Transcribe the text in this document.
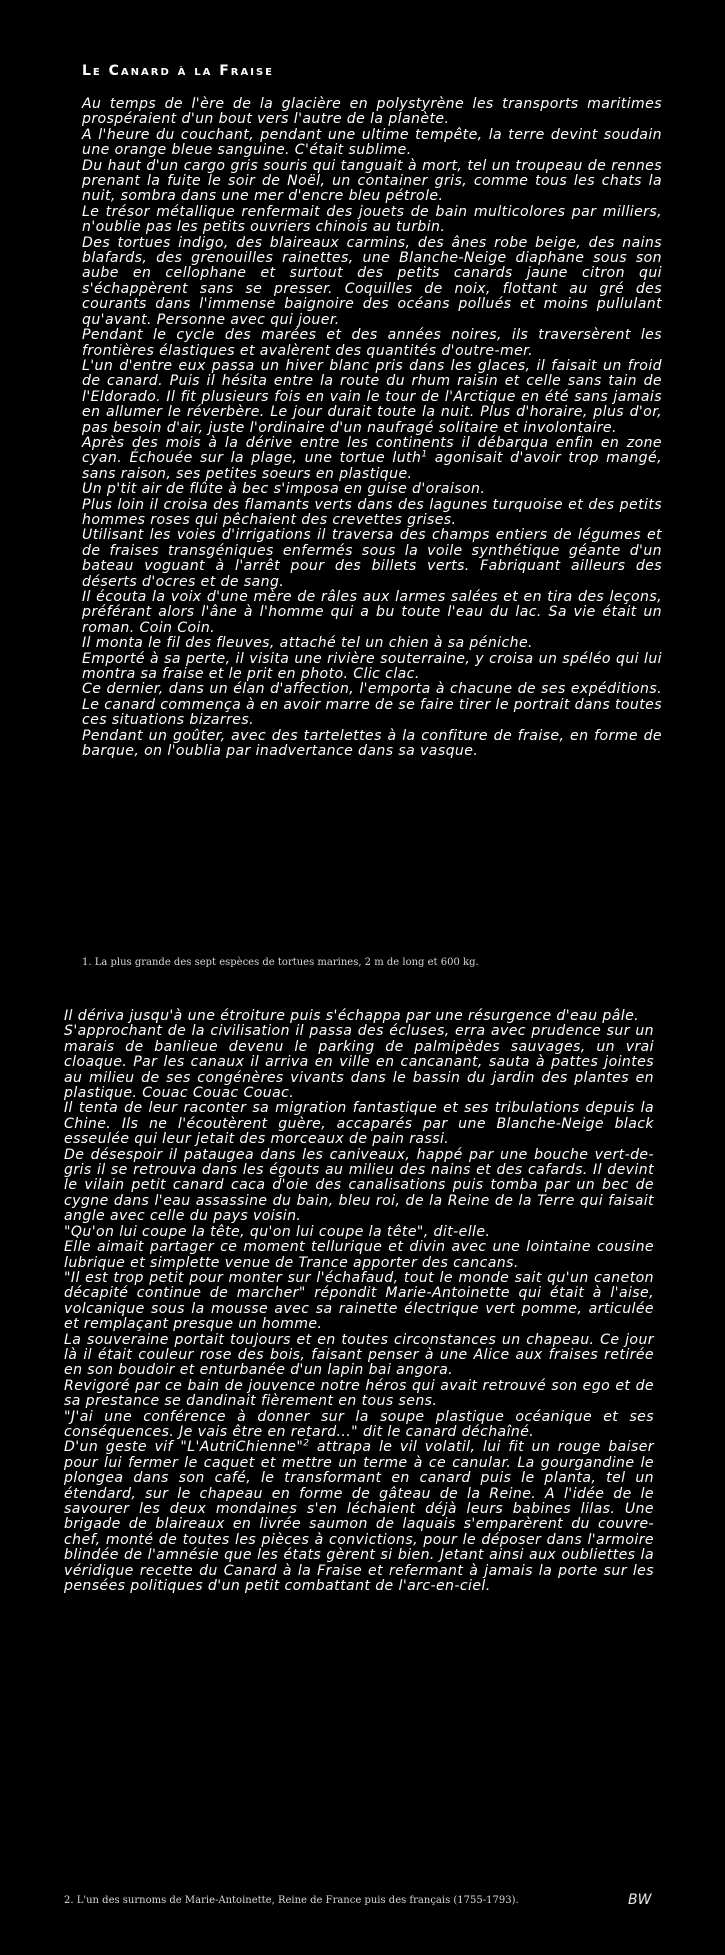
Le Canard à la Fraise

Au temps de l'ère de la glacière en polystyrène les transports maritimes prospéraient d'un bout vers l'autre de la planète.

A l'heure du couchant, pendant une ultime tempête, la terre devint soudain une orange bleue sanguine. C'était sublime.

Du haut d'un cargo gris souris qui tanguait à mort, tel un troupeau de rennes prenant la fuite le soir de Noël, un container gris, comme tous les chats la nuit, sombra dans une mer d'encre bleu pétrole.

Le trésor métallique renfermait des jouets de bain multicolores par milliers, n'oublie pas les petits ouvriers chinois au turbin.

Des tortues indigo, des blaireaux carmins, des ânes robe beige, des nains blafards, des grenouilles rainettes, une Blanche-Neige diaphane sous son aube en cellophane et surtout des petits canards jaune citron qui s'échappèrent sans se presser. Coquilles de noix, flottant au gré des courants dans l'immense baignoire des océans pollués et moins pullulant qu'avant. Personne avec qui jouer.

Pendant le cycle des marées et des années noires, ils traversèrent les frontières élastiques et avalèrent des quantités d'outre-mer.

L'un d'entre eux passa un hiver blanc pris dans les glaces, il faisait un froid de canard. Puis il hésita entre la route du rhum raisin et celle sans tain de l'Eldorado. Il fit plusieurs fois en vain le tour de l'Arctique en été sans jamais en allumer le réverbère. Le jour durait toute la nuit. Plus d'horaire, plus d'or, pas besoin d'air, juste l'ordinaire d'un naufragé solitaire et involontaire.

Après des mois à la dérive entre les continents il débarqua enfin en zone cyan. Échouée sur la plage, une tortue luth$^1$ agonisait d'avoir trop mangé, sans raison, ses petites soeurs en plastique.

Un p'tit air de flûte à bec s'imposa en guise d'oraison.

Plus loin il croisa des flamants verts dans des lagunes turquoise et des petits hommes roses qui pêchaient des crevettes grises.

Utilisant les voies d'irrigations il traversa des champs entiers de légumes et de fraises transgéniques enfermés sous la voile synthétique géante d'un bateau voguant à l'arrêt pour des billets verts. Fabriquant ailleurs des déserts d'ocres et de sang.

Il écouta la voix d'une mère de râles aux larmes salées et en tira des leçons, préférant alors l'âne à l'homme qui a bu toute l'eau du lac. Sa vie était un roman. Coin Coin.

Il monta le fil des fleuves, attaché tel un chien à sa péniche.

Emporté à sa perte, il visita une rivière souterraine, y croisa un spéléo qui lui montra sa fraise et le prit en photo. Clic clac.

Ce dernier, dans un élan d'affection, l'emporta à chacune de ses expéditions. Le canard commença à en avoir marre de se faire tirer le portrait dans toutes ces situations bizarres.

Pendant un goûter, avec des tartelettes à la confiture de fraise, en forme de barque, on l'oublia par inadvertance dans sa vasque.

1. La plus grande des sept espèces de tortues marines, 2 m de long et 600 kg.

Il dériva jusqu'à une étroiture puis s'échappa par une résurgence d'eau pâle.

S'approchant de la civilisation il passa des écluses, erra avec prudence sur un marais de banlieue devenu le parking de palmipèdes sauvages, un vrai cloaque. Par les canaux il arriva en ville en cancanant, sauta à pattes jointes au milieu de ses congénères vivants dans le bassin du jardin des plantes en plastique. Couac Couac Couac.

Il tenta de leur raconter sa migration fantastique et ses tribulations depuis la Chine. Ils ne l'écoutèrent guère, accaparés par une Blanche-Neige black esseulée qui leur jetait des morceaux de pain rassi.

De désespoir il pataugea dans les caniveaux, happé par une bouche vert-de-gris il se retrouva dans les égouts au milieu des nains et des cafards. Il devint le vilain petit canard caca d'oie des canalisations puis tomba par un bec de cygne dans l'eau assassine du bain, bleu roi, de la Reine de la Terre qui faisait angle avec celle du pays voisin.

"Qu'on lui coupe la tête, qu'on lui coupe la tête", dit-elle.

Elle aimait partager ce moment tellurique et divin avec une lointaine cousine lubrique et simplette venue de Trance apporter des cancans.

"Il est trop petit pour monter sur l'échafaud, tout le monde sait qu'un caneton décapité continue de marcher" répondit Marie-Antoinette qui était à l'aise, volcanique sous la mousse avec sa rainette électrique vert pomme, articulée et remplaçant presque un homme.

La souveraine portait toujours et en toutes circonstances un chapeau. Ce jour là il était couleur rose des bois, faisant penser à une Alice aux fraises retirée en son boudoir et enturbanée d'un lapin bai angora.

Revigoré par ce bain de jouvence notre héros qui avait retrouvé son ego et de sa prestance se dandinait fièrement en tous sens.

"J'ai une conférence à donner sur la soupe plastique océanique et ses conséquences. Je vais être en retard..." dit le canard déchaîné.

D'un geste vif "L'AutriChienne"$^2$ attrapa le vil volatil, lui fit un rouge baiser pour lui fermer le caquet et mettre un terme à ce canular. La gourgandine le plongea dans son café, le transformant en canard puis le planta, tel un étendard, sur le chapeau en forme de gâteau de la Reine. A l'idée de le savourer les deux mondaines s'en léchaient déjà leurs babines lilas. Une brigade de blaireaux en livrée saumon de laquais s'emparèrent du couvre-chef, monté de toutes les pièces à convictions, pour le déposer dans l'armoire blindée de l'amnésie que les états gèrent si bien. Jetant ainsi aux oubliettes la véridique recette du Canard à la Fraise et refermant à jamais la porte sur les pensées politiques d'un petit combattant de l'arc-en-ciel.

2. L'un des surnoms de Marie-Antoinette, Reine de France puis des français (1755-1793).	BW
